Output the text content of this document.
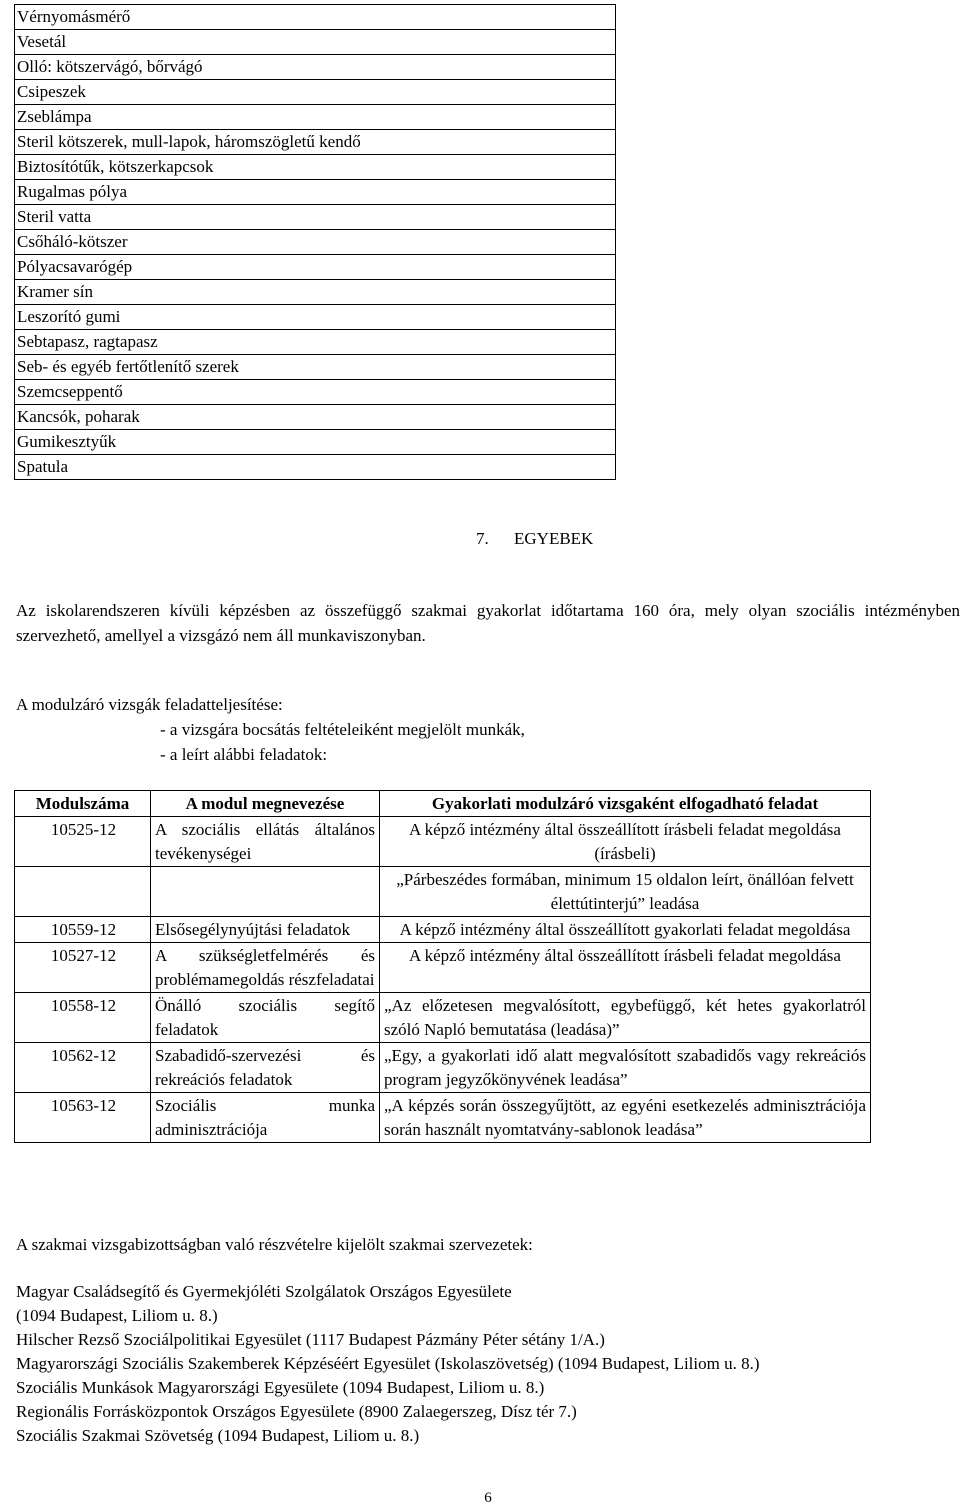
Vérnyomásmérő
Vesetál
Olló: kötszervágó, bőrvágó
Csipeszek
Zseblámpa
Steril kötszerek, mull-lapok, háromszögletű kendő
Biztosítótűk, kötszerkapcsok
Rugalmas pólya
Steril vatta
Csőháló-kötszer
Pólyacsavarógép
Kramer sín
Leszorító gumi
Sebtapasz, ragtapasz
Seb- és egyéb fertőtlenítő szerek
Szemcseppentő
Kancsók, poharak
Gumikesztyűk
Spatula
7. EGYEBEK
Az iskolarendszeren kívüli képzésben az összefüggő szakmai gyakorlat időtartama 160 óra, mely olyan szociális intézményben szervezhető, amellyel a vizsgázó nem áll munkaviszonyban.
A modulzáró vizsgák feladatteljesítése:
- a vizsgára bocsátás feltételeiként megjelölt munkák,
- a leírt alábbi feladatok:
Modulszáma	A modul megnevezése	Gyakorlati modulzáró vizsgaként elfogadható feladat
10525-12	A szociális ellátás általános tevékenységei	A képző intézmény által összeállított írásbeli feladat megoldása (írásbeli)
		„Párbeszédes formában, minimum 15 oldalon leírt, önállóan felvett élettútinterjú” leadása
10559-12	Elsősegélynyújtási feladatok	A képző intézmény által összeállított gyakorlati feladat megoldása
10527-12	A szükségletfelmérés és problémamegoldás részfeladatai	A képző intézmény által összeállított írásbeli feladat megoldása
10558-12	Önálló szociális segítő feladatok	„Az előzetesen megvalósított, egybefüggő, két hetes gyakorlatról szóló Napló bemutatása (leadása)”
10562-12	Szabadidő-szervezési és rekreációs feladatok	„Egy, a gyakorlati idő alatt megvalósított szabadidős vagy rekreációs program jegyzőkönyvének leadása”
10563-12	Szociális munka adminisztrációja	„A képzés során összegyűjtött, az egyéni esetkezelés adminisztrációja során használt nyomtatvány-sablonok leadása”
A szakmai vizsgabizottságban való részvételre kijelölt szakmai szervezetek:
Magyar Családsegítő és Gyermekjóléti Szolgálatok Országos Egyesülete
(1094 Budapest, Liliom u. 8.)
Hilscher Rezső Szociálpolitikai Egyesület (1117 Budapest Pázmány Péter sétány 1/A.)
Magyarországi Szociális Szakemberek Képzéséért Egyesület (Iskolaszövetség) (1094 Budapest, Liliom u. 8.)
Szociális Munkások Magyarországi Egyesülete (1094 Budapest, Liliom u. 8.)
Regionális Forrásközpontok Országos Egyesülete (8900 Zalaegerszeg, Dísz tér 7.)
Szociális Szakmai Szövetség (1094 Budapest, Liliom u. 8.)
6
